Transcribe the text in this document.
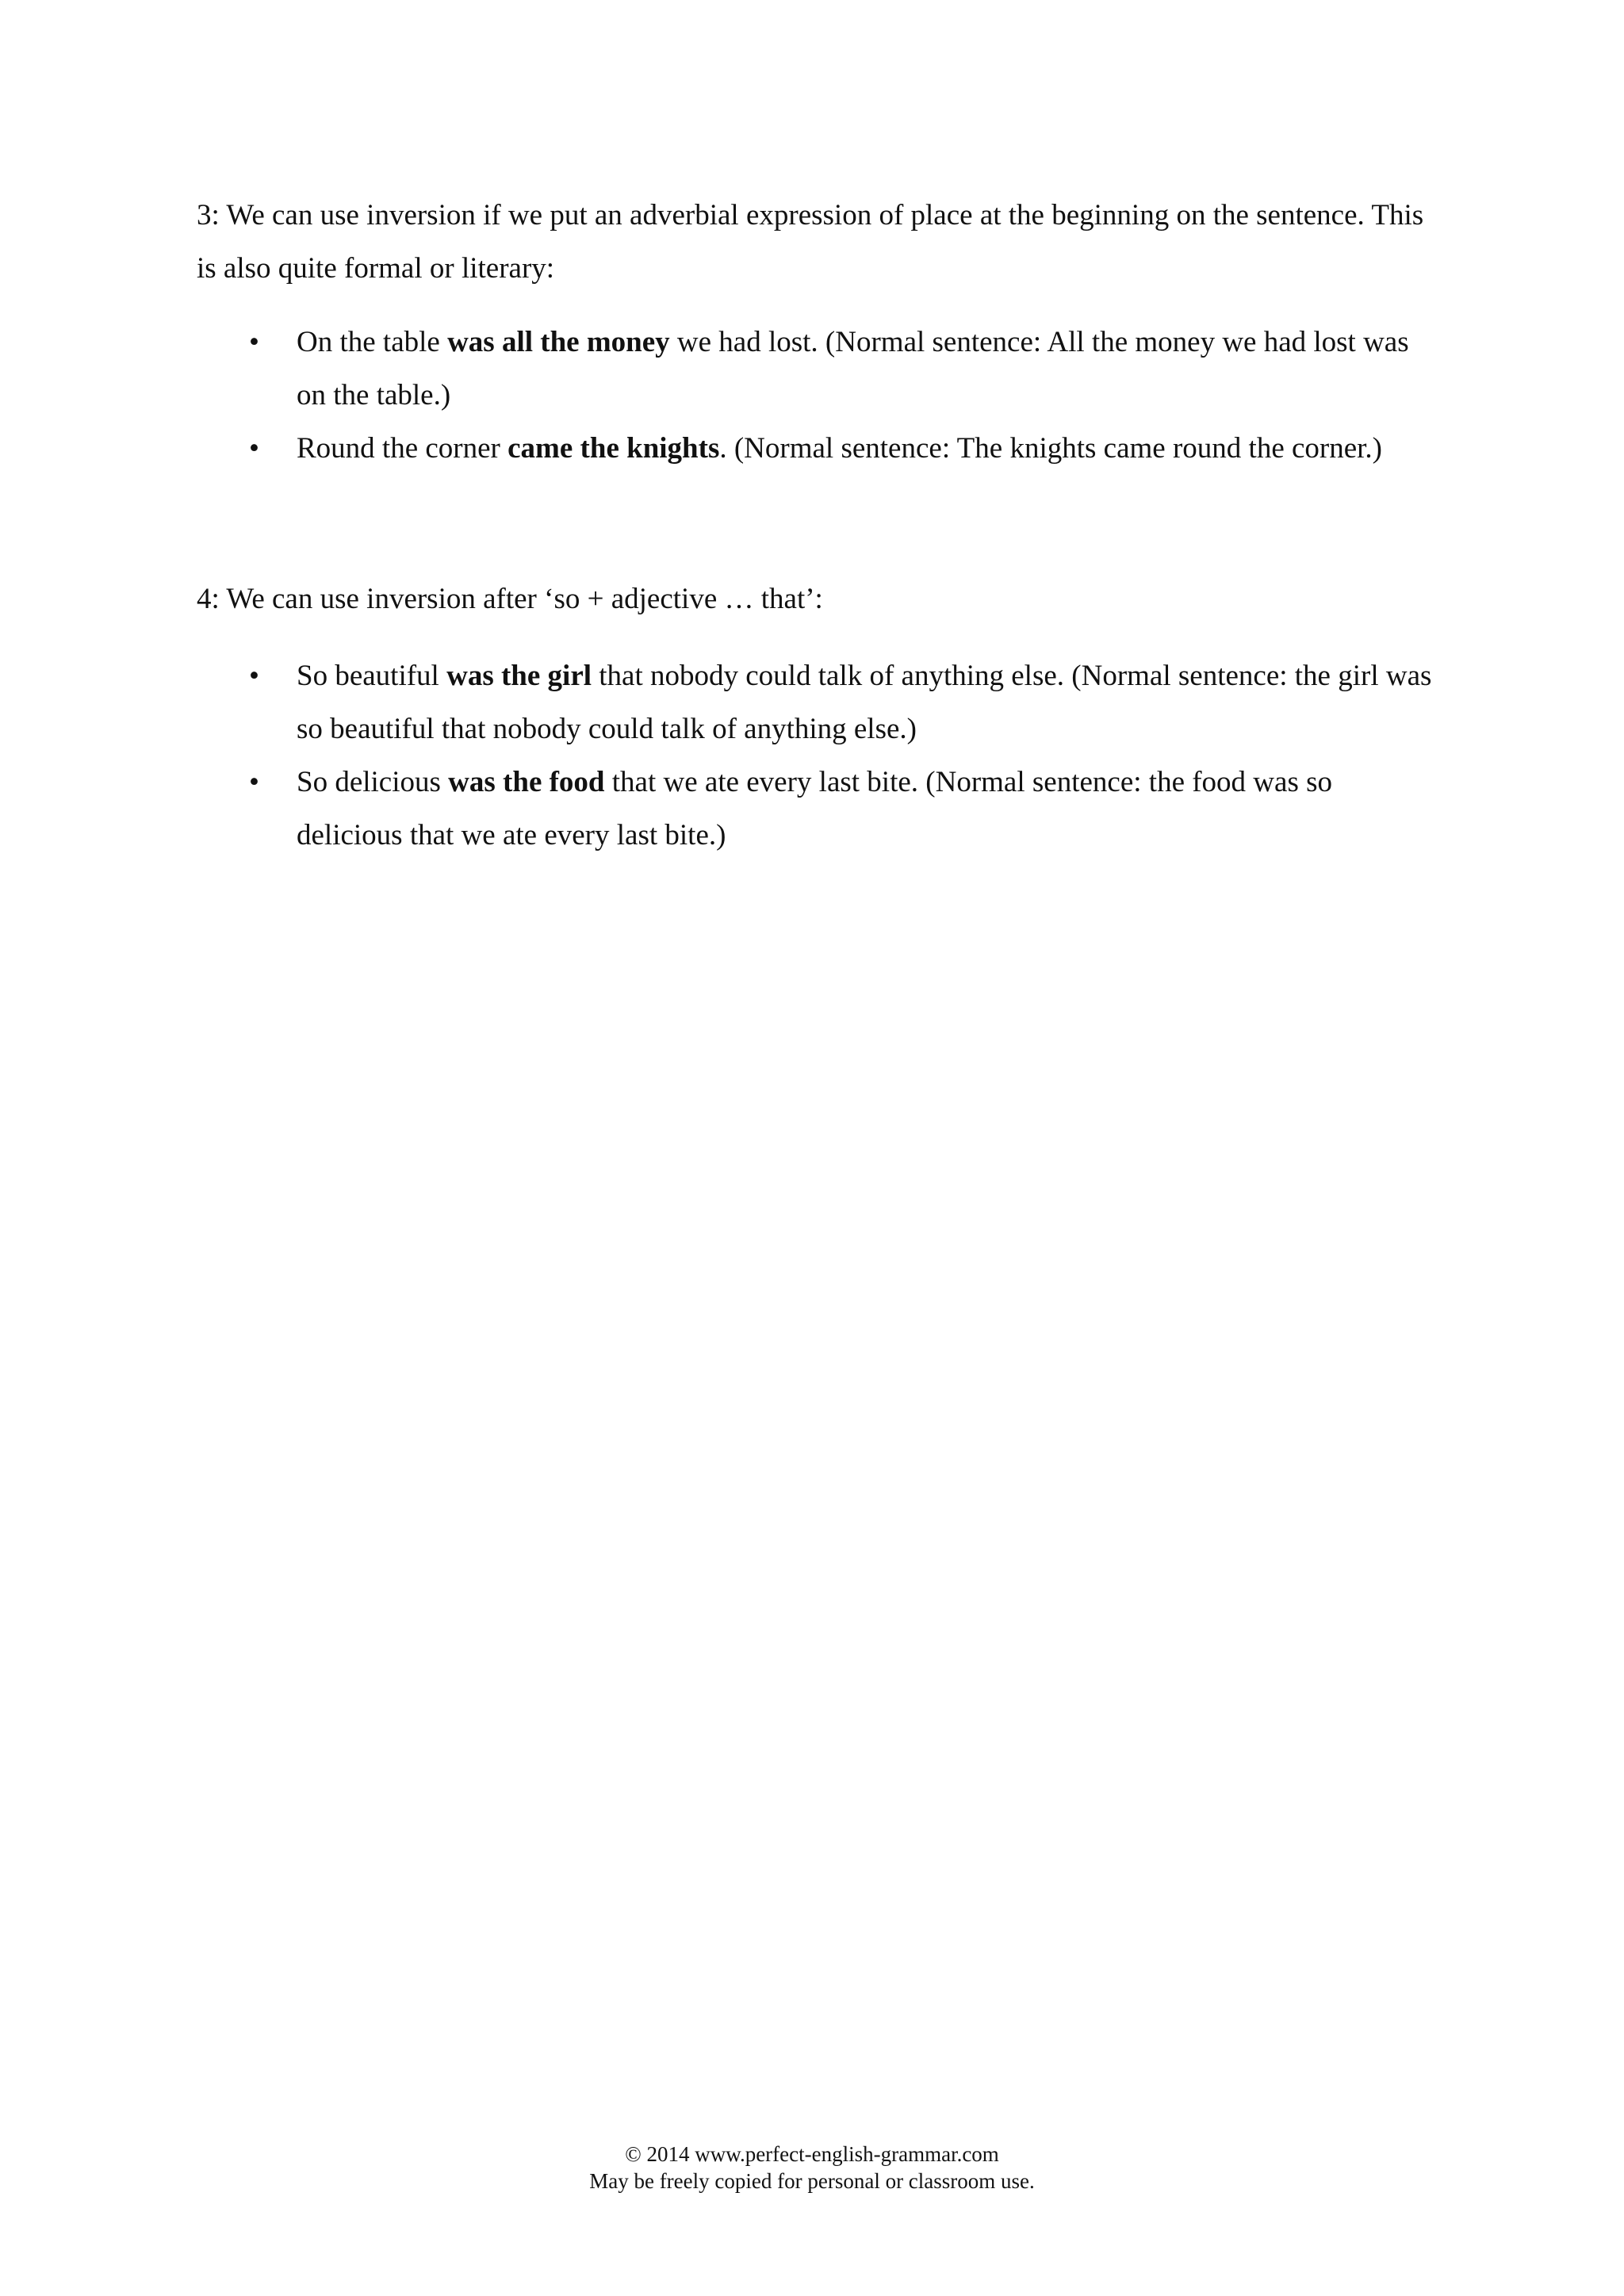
3: We can use inversion if we put an adverbial expression of place at the beginning on the sentence. This is also quite formal or literary:

• On the table was all the money we had lost. (Normal sentence: All the money we had lost was on the table.)
• Round the corner came the knights. (Normal sentence: The knights came round the corner.)

4: We can use inversion after ‘so + adjective … that’:

• So beautiful was the girl that nobody could talk of anything else. (Normal sentence: the girl was so beautiful that nobody could talk of anything else.)
• So delicious was the food that we ate every last bite. (Normal sentence: the food was so delicious that we ate every last bite.)
© 2014 www.perfect-english-grammar.com
May be freely copied for personal or classroom use.
